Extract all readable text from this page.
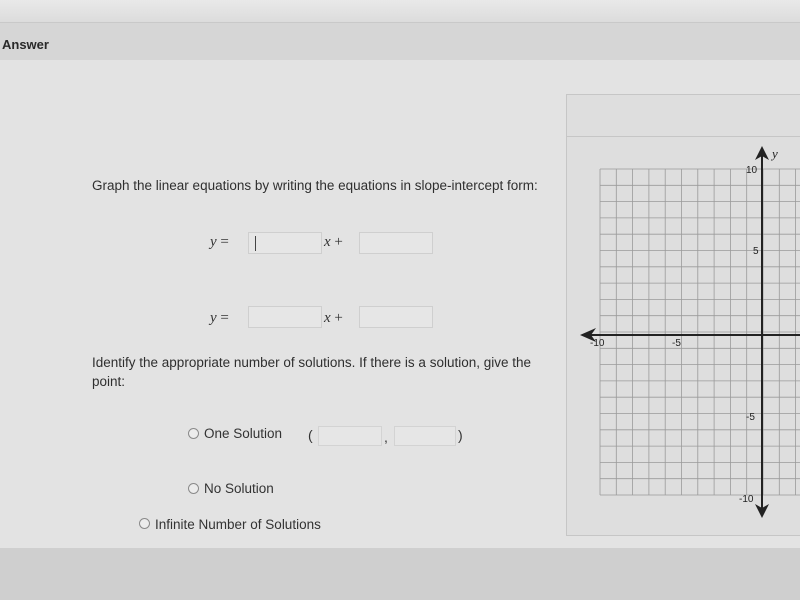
Answer
Graph the linear equations by writing the equations in slope-intercept form:
y =	x +
y =	x +
Identify the appropriate number of solutions. If there is a solution, give the point:
One Solution (	,	)
No Solution
Infinite Number of Solutions
y
10
5
-10	-5
-5
-10
